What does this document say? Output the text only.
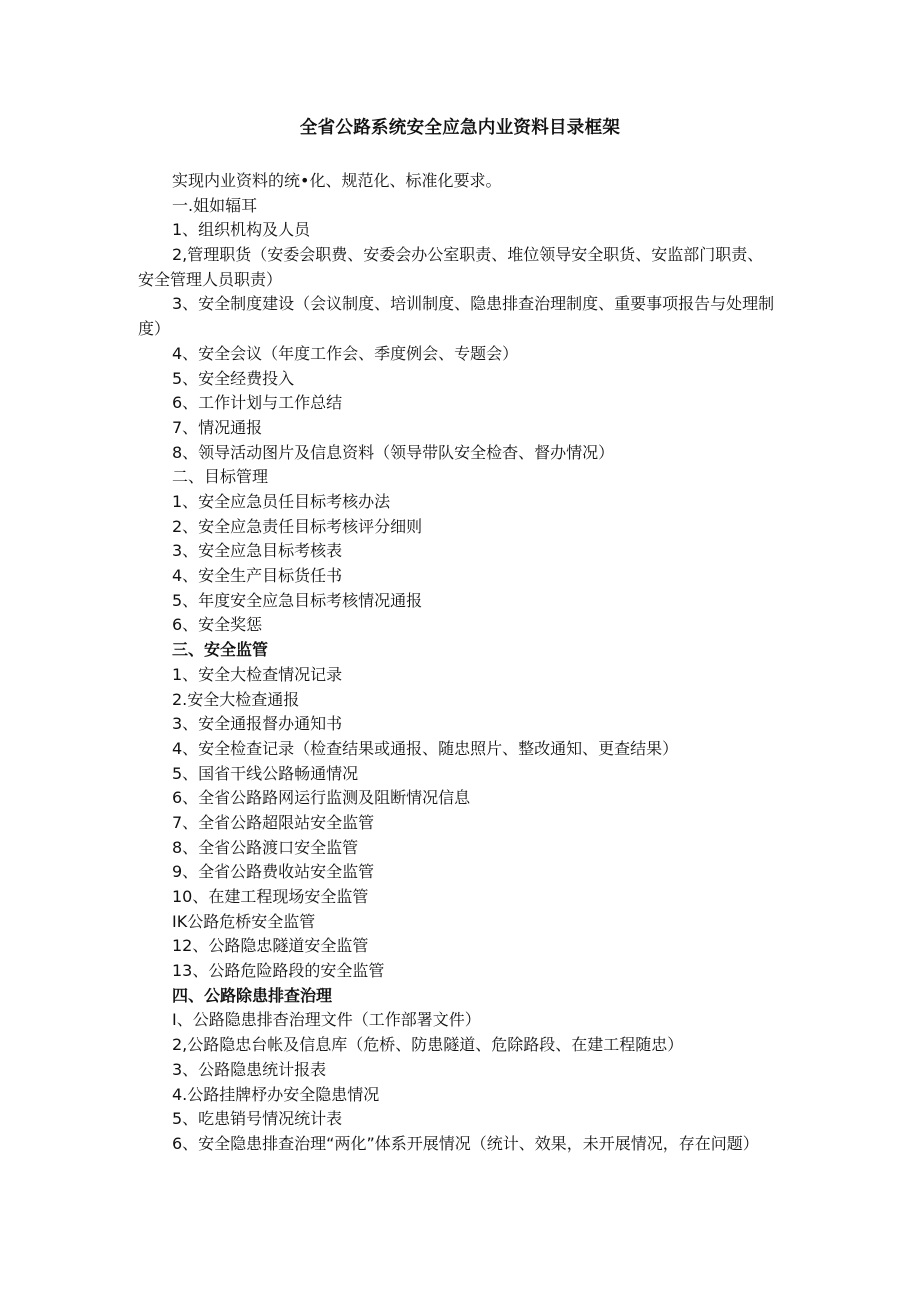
全省公路系统安全应急内业资料目录框架
实现内业资料的统•化、规范化、标准化要求。
一.姐如辐耳
1、组织机构及人员
2,管理职货（安委会职费、安委会办公室职责、堆位领导安全职货、安监部门职责、安全管理人员职责）
3、安全制度建设（会议制度、培训制度、隐患排查治理制度、重要事项报告与处理制度）
4、安全会议（年度工作会、季度例会、专题会）
5、安全经费投入
6、工作计划与工作总结
7、情况通报
8、领导活动图片及信息资料（领导带队安全检杳、督办情况）
二、目标管理
1、安全应急员任目标考核办法
2、安全应急责任目标考核评分细则
3、安全应急目标考核表
4、安全生产目标货任书
5、年度安全应急目标考核情况通报
6、安全奖惩
三、安全监管
1、安全大检查情况记录
2.安全大检查通报
3、安全通报督办通知书
4、安全检查记录（检查结果或通报、随忠照片、整改通知、更查结果）
5、国省干线公路畅通情况
6、全省公路路网运行监测及阻断情况信息
7、全省公路超限站安全监管
8、全省公路渡口安全监管
9、全省公路费收站安全监管
10、在建工程现场安全监管
IK公路危桥安全监管
12、公路隐忠隧道安全监管
13、公路危险路段的安全监管
四、公路除患排查治理
I、公路隐患排杳治理文件（工作部署文件）
2,公路隐忠台帐及信息库（危桥、防患隧道、危除路段、在建工程随忠）
3、公路隐患统计报表
4.公路挂牌杼办安全隐患情况
5、吃患销号情况统计表
6、安全隐患排查治理“两化”体系开展情况（统计、效果，未开展情况，存在问题）
